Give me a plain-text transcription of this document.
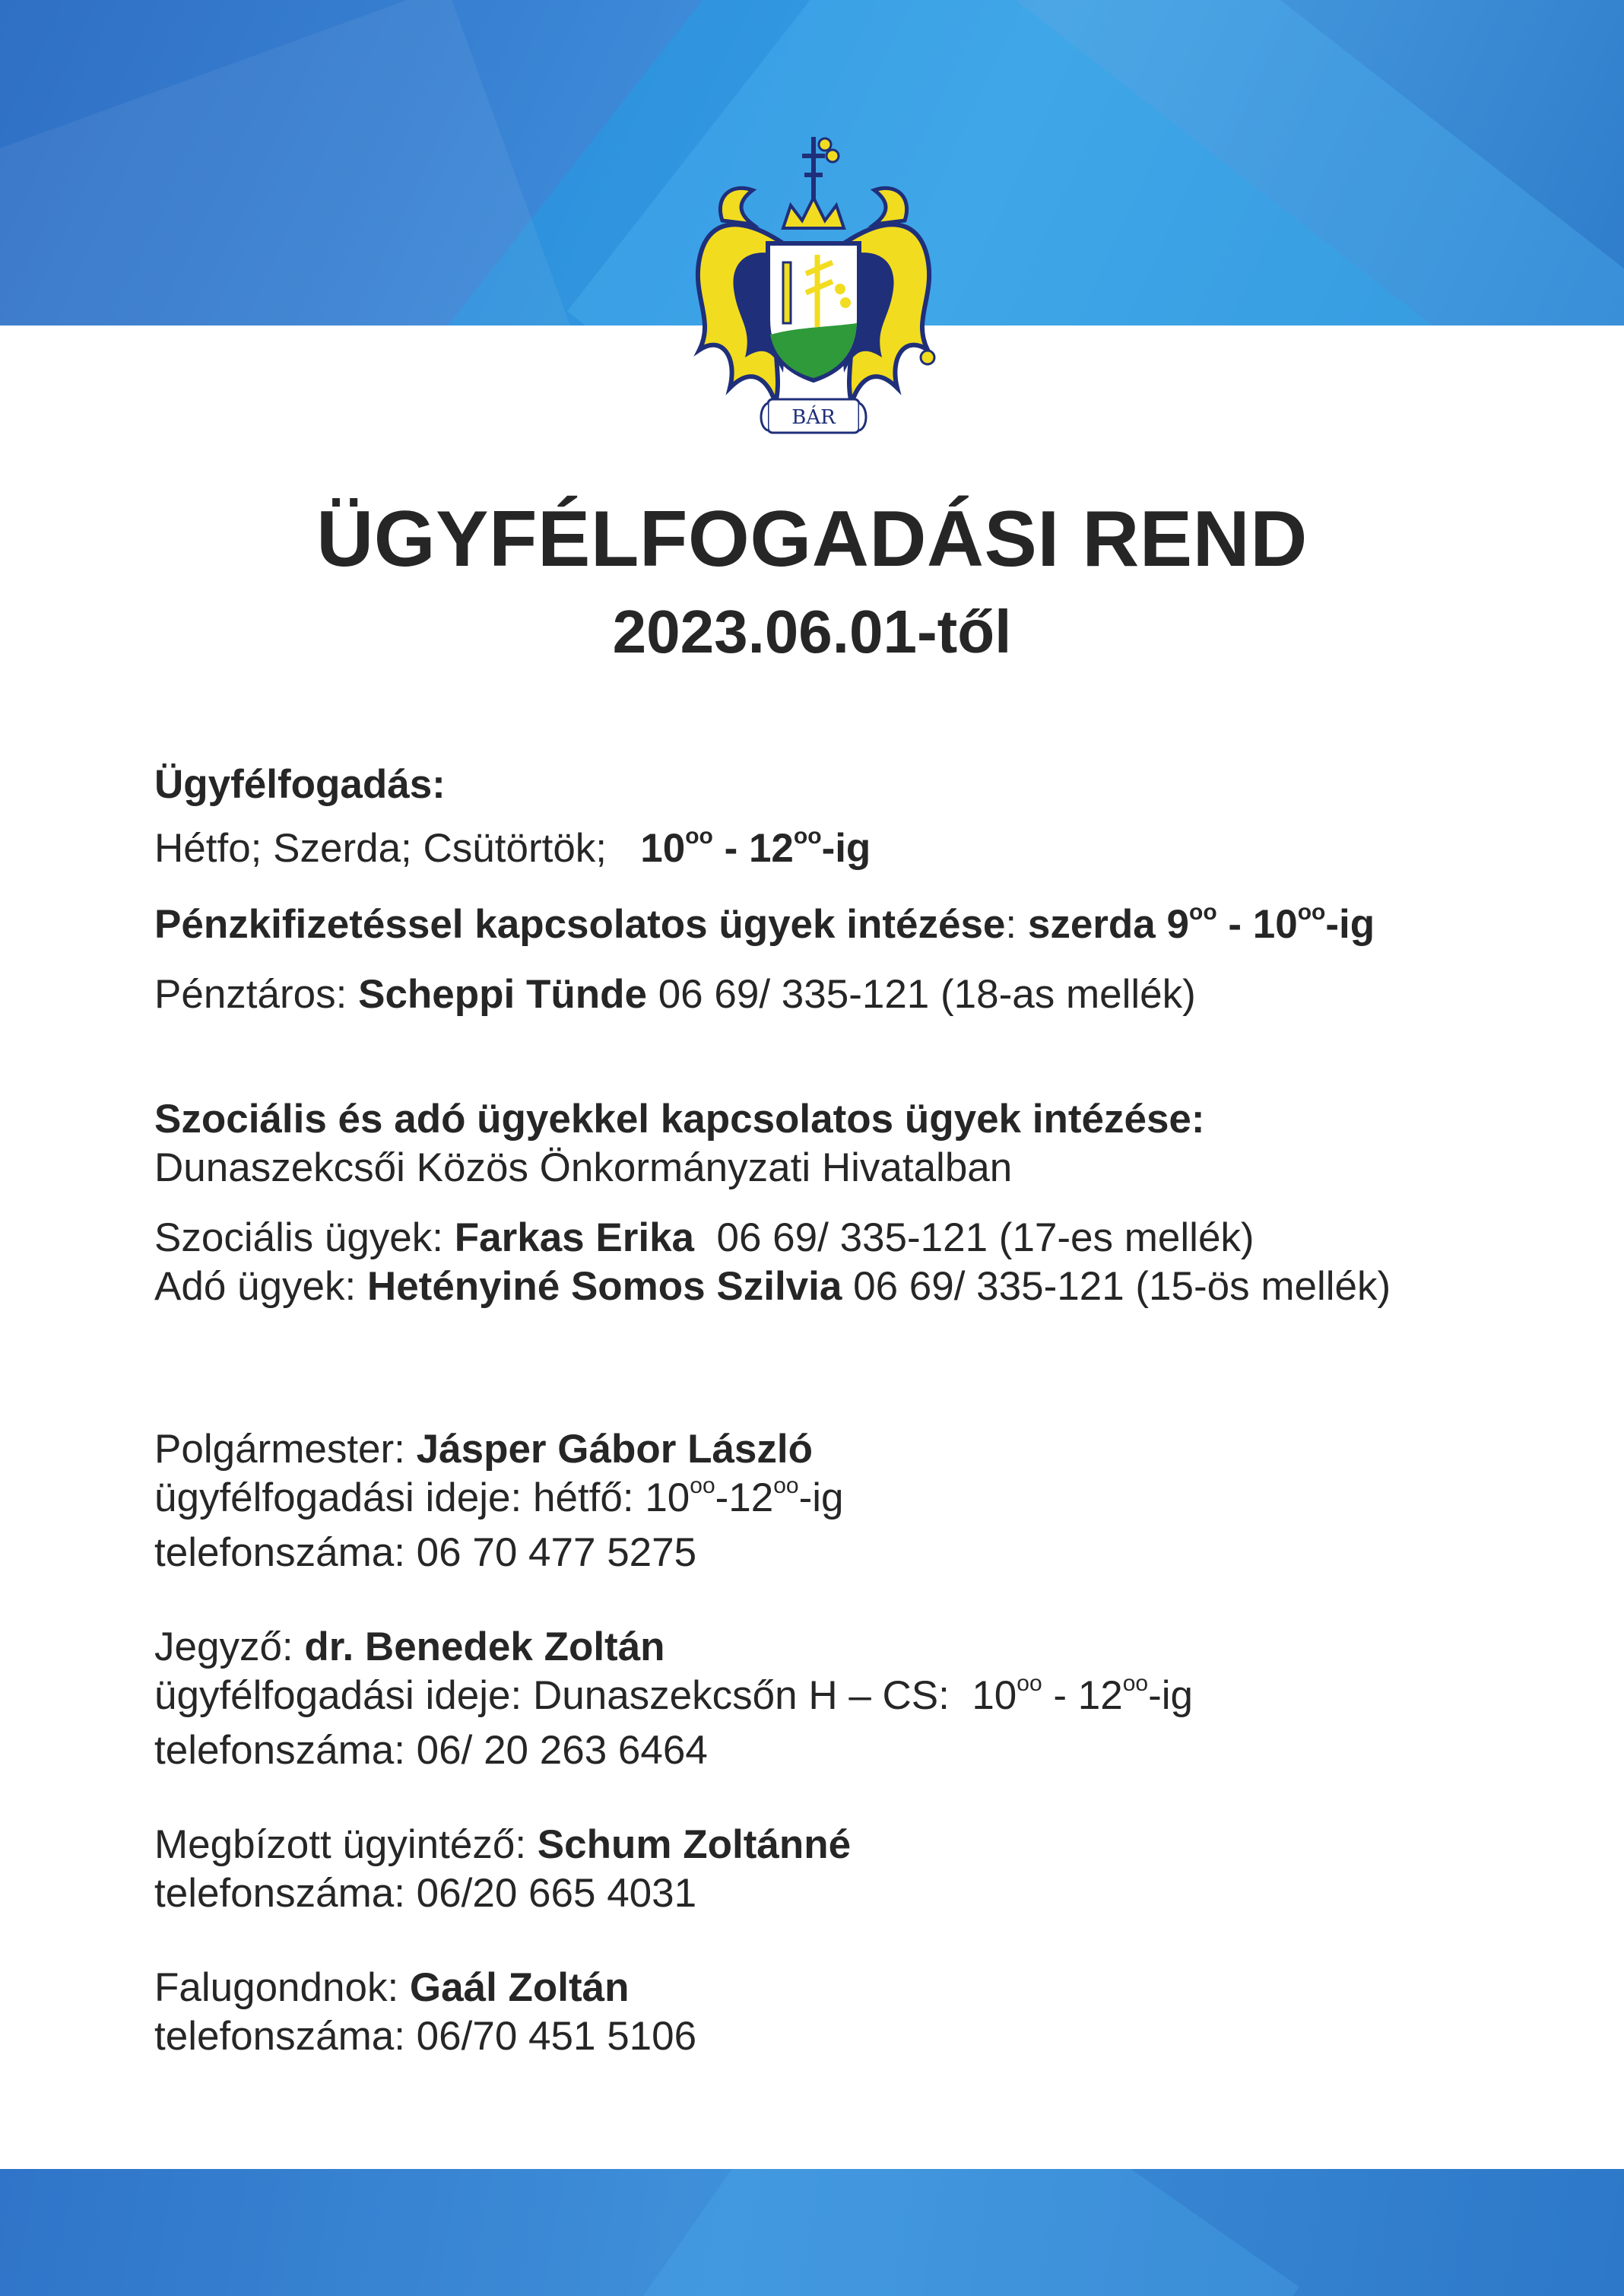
BÁR
ÜGYFÉLFOGADÁSI REND
2023.06.01-től

Ügyfélfogadás:

Hétfo; Szerda; Csütörtök; $10^{oo} - 12^{oo}-ig$

Pénzkifizetéssel kapcsolatos ügyek intézése: szerda $9^{oo} - 10^{oo}-ig$

Pénztáros: Scheppi Tünde 06 69/ 335-121 (18-as mellék)

Szociális és adó ügyekkel kapcsolatos ügyek intézése:

Dunaszekcsői Közös Önkormányzati Hivatalban

Szociális ügyek: Farkas Erika 06 69/ 335-121 (17-es mellék)

Adó ügyek: Hetényiné Somos Szilvia 06 69/ 335-121 (15-ös mellék)

Polgármester: Jásper Gábor László

ügyfélfogadási ideje: hétfő: $10^{oo}-12^{oo}-ig$

telefonszáma: 06 70 477 5275

Jegyző: dr. Benedek Zoltán

ügyfélfogadási ideje: Dunaszekcsőn H – CS: $10^{oo} - 12^{oo}-ig$

telefonszáma: 06/ 20 263 6464

Megbízott ügyintéző: Schum Zoltánné

telefonszáma: 06/20 665 4031

Falugondnok: Gaál Zoltán

telefonszáma: 06/70 451 5106
